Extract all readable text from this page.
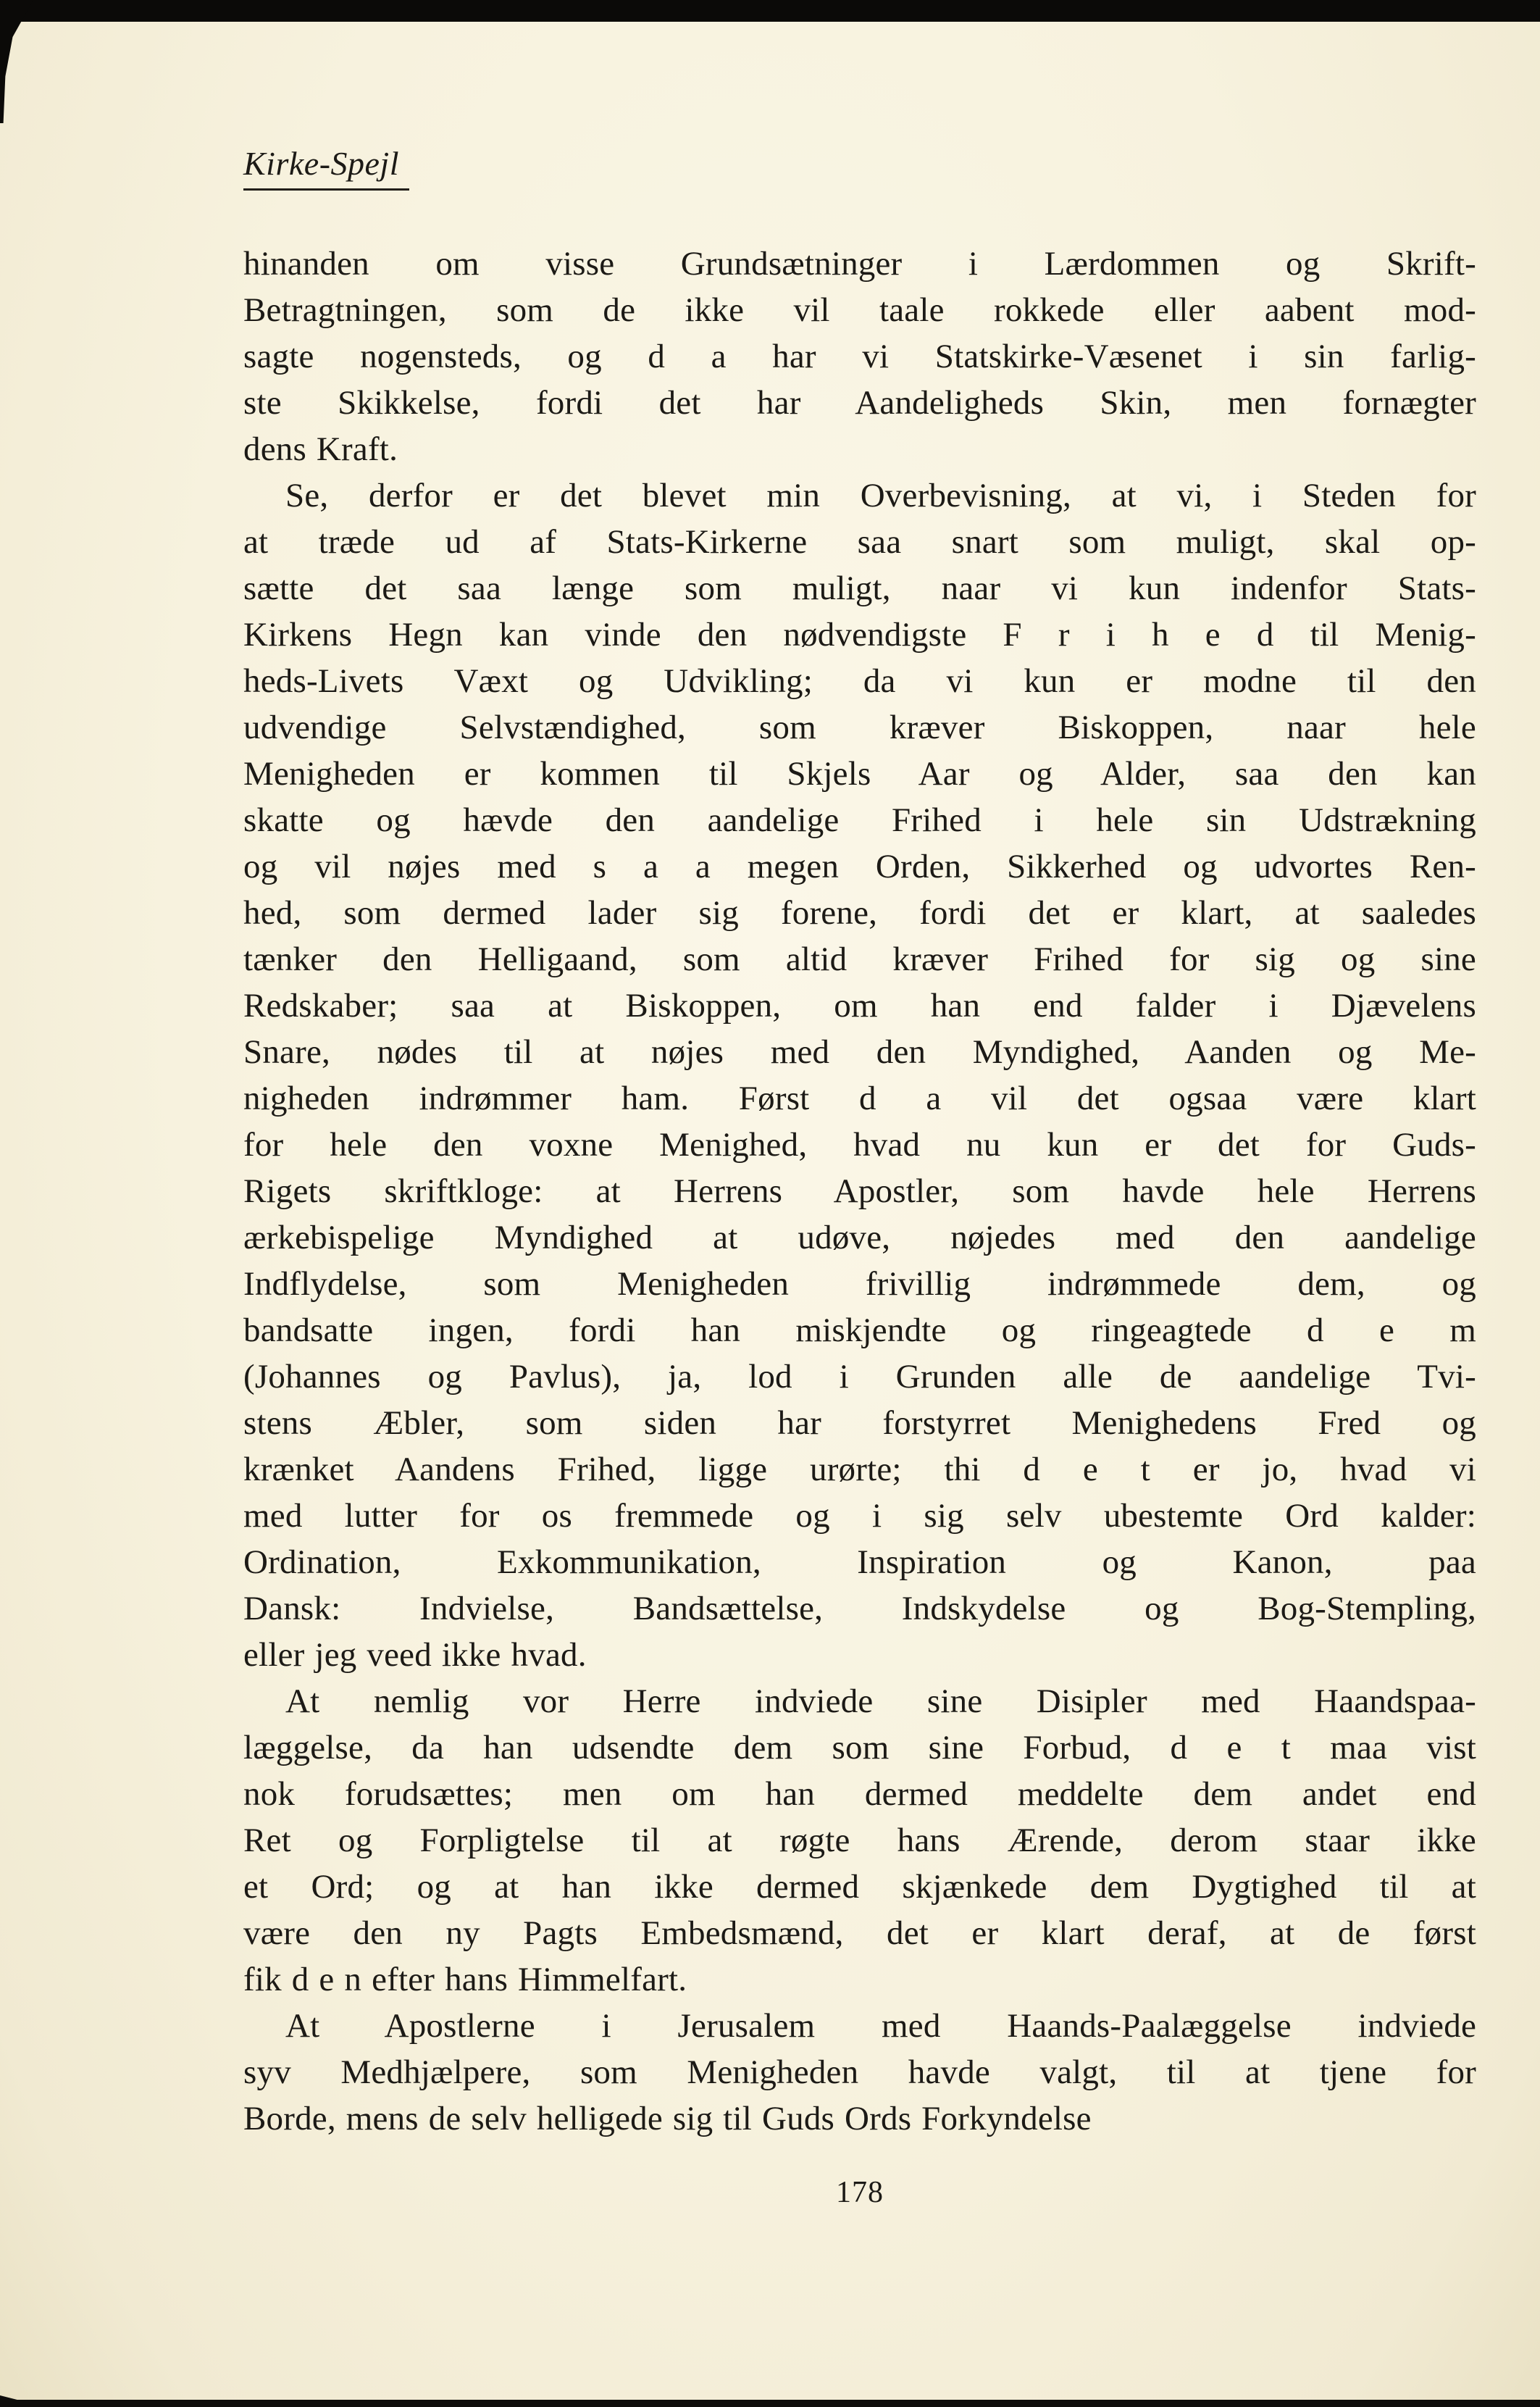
Kirke-Spejl
hinanden om visse Grundsætninger i Lærdommen og Skrift-
Betragtningen, som de ikke vil taale rokkede eller aabent mod-
sagte nogensteds, og d a har vi Statskirke-Væsenet i sin farlig-
ste Skikkelse, fordi det har Aandeligheds Skin, men fornægter
dens Kraft.
Se, derfor er det blevet min Overbevisning, at vi, i Steden for
at træde ud af Stats-Kirkerne saa snart som muligt, skal op-
sætte det saa længe som muligt, naar vi kun indenfor Stats-
Kirkens Hegn kan vinde den nødvendigste F r i h e d til Menig-
heds-Livets Væxt og Udvikling; da vi kun er modne til den
udvendige Selvstændighed, som kræver Biskoppen, naar hele
Menigheden er kommen til Skjels Aar og Alder, saa den kan
skatte og hævde den aandelige Frihed i hele sin Udstrækning
og vil nøjes med s a a megen Orden, Sikkerhed og udvortes Ren-
hed, som dermed lader sig forene, fordi det er klart, at saaledes
tænker den Helligaand, som altid kræver Frihed for sig og sine
Redskaber; saa at Biskoppen, om han end falder i Djævelens
Snare, nødes til at nøjes med den Myndighed, Aanden og Me-
nigheden indrømmer ham. Først d a vil det ogsaa være klart
for hele den voxne Menighed, hvad nu kun er det for Guds-
Rigets skriftkloge: at Herrens Apostler, som havde hele Herrens
ærkebispelige Myndighed at udøve, nøjedes med den aandelige
Indflydelse, som Menigheden frivillig indrømmede dem, og
bandsatte ingen, fordi han miskjendte og ringeagtede d e m
(Johannes og Pavlus), ja, lod i Grunden alle de aandelige Tvi-
stens Æbler, som siden har forstyrret Menighedens Fred og
krænket Aandens Frihed, ligge urørte; thi d e t er jo, hvad vi
med lutter for os fremmede og i sig selv ubestemte Ord kalder:
Ordination, Exkommunikation, Inspiration og Kanon, paa
Dansk: Indvielse, Bandsættelse, Indskydelse og Bog-Stempling,
eller jeg veed ikke hvad.
At nemlig vor Herre indviede sine Disipler med Haandspaa-
læggelse, da han udsendte dem som sine Forbud, d e t maa vist
nok forudsættes; men om han dermed meddelte dem andet end
Ret og Forpligtelse til at røgte hans Ærende, derom staar ikke
et Ord; og at han ikke dermed skjænkede dem Dygtighed til at
være den ny Pagts Embedsmænd, det er klart deraf, at de først
fik d e n efter hans Himmelfart.
At Apostlerne i Jerusalem med Haands-Paalæggelse indviede
syv Medhjælpere, som Menigheden havde valgt, til at tjene for
Borde, mens de selv helligede sig til Guds Ords Forkyndelse
178
